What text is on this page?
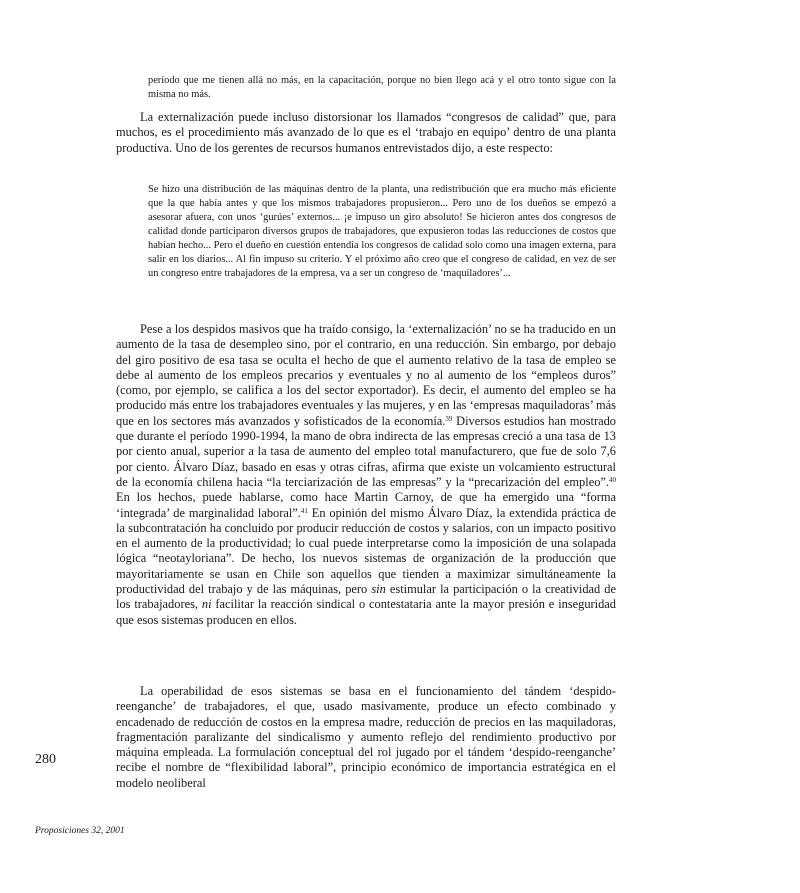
período que me tienen allá no más, en la capacitación, porque no bien llego acá y el otro tonto sigue con la misma no más.

La externalización puede incluso distorsionar los llamados “congresos de calidad” que, para muchos, es el procedimiento más avanzado de lo que es el ‘trabajo en equipo’ dentro de una planta productiva. Uno de los gerentes de recursos humanos entrevistados dijo, a este respecto:

Se hizo una distribución de las máquinas dentro de la planta, una redistribución que era mucho más eficiente que la que había antes y que los mismos trabajadores propusieron... Pero uno de los dueños se empezó a asesorar afuera, con unos ‘gurúes’ externos... ¡e impuso un giro absoluto! Se hicieron antes dos congresos de calidad donde participaron diversos grupos de trabajadores, que expusieron todas las reducciones de costos que habían hecho... Pero el dueño en cuestión entendía los congresos de calidad solo como una imagen externa, para salir en los diarios... Al fin impuso su criterio. Y el próximo año creo que el congreso de calidad, en vez de ser un congreso entre trabajadores de la empresa, va a ser un congreso de ‘maquiladores’...

Pese a los despidos masivos que ha traído consigo, la ‘externalización’ no se ha traducido en un aumento de la tasa de desempleo sino, por el contrario, en una reducción. Sin embargo, por debajo del giro positivo de esa tasa se oculta el hecho de que el aumento relativo de la tasa de empleo se debe al aumento de los empleos precarios y eventuales y no al aumento de los “empleos duros” (como, por ejemplo, se califica a los del sector exportador). Es decir, el aumento del empleo se ha producido más entre los trabajadores eventuales y las mujeres, y en las ‘empresas maquiladoras’ más que en los sectores más avanzados y sofisticados de la economía.$^{39}$ Diversos estudios han mostrado que durante el período 1990-1994, la mano de obra indirecta de las empresas creció a una tasa de 13 por ciento anual, superior a la tasa de aumento del empleo total manufacturero, que fue de solo 7,6 por ciento. Álvaro Díaz, basado en esas y otras cifras, afirma que existe un volcamiento estructural de la economía chilena hacia “la terciarización de las empresas” y la “precarización del empleo”.$^{40}$ En los hechos, puede hablarse, como hace Martin Carnoy, de que ha emergido una “forma ‘integrada’ de marginalidad laboral”.$^{41}$ En opinión del mismo Álvaro Díaz, la extendida práctica de la subcontratación ha concluido por producir reducción de costos y salarios, con un impacto positivo en el aumento de la productividad; lo cual puede interpretarse como la imposición de una solapada lógica “neotayloriana”. De hecho, los nuevos sistemas de organización de la producción que mayoritariamente se usan en Chile son aquellos que tienden a maximizar simultáneamente la productividad del trabajo y de las máquinas, pero sin estimular la participación o la creatividad de los trabajadores, ni facilitar la reacción sindical o contestataria ante la mayor presión e inseguridad que esos sistemas producen en ellos.

La operabilidad de esos sistemas se basa en el funcionamiento del tándem ‘despido-reenganche’ de trabajadores, el que, usado masivamente, produce un efecto combinado y encadenado de reducción de costos en la empresa madre, reducción de precios en las maquiladoras, fragmentación paralizante del sindicalismo y aumento reflejo del rendimiento productivo por máquina empleada. La formulación conceptual del rol jugado por el tándem ‘despido-reenganche’ recibe el nombre de “flexibilidad laboral”, principio económico de importancia estratégica en el modelo neoliberal

280
Proposiciones 32, 2001
